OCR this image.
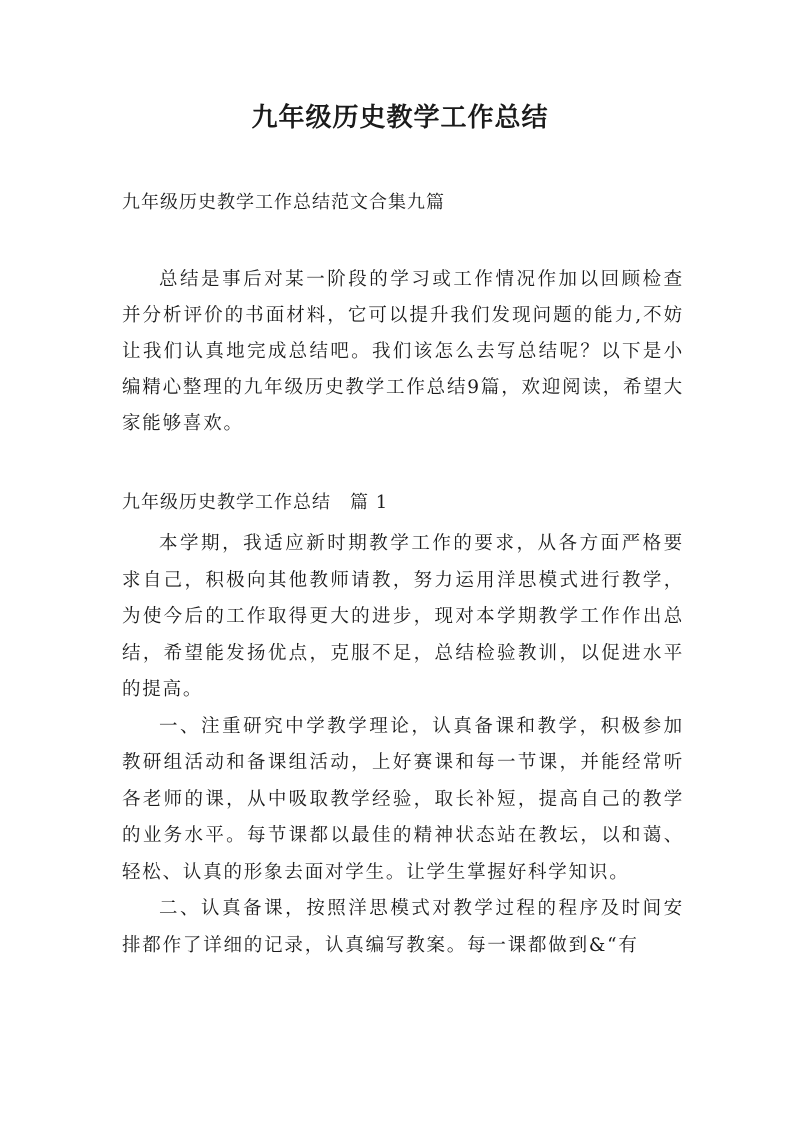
九年级历史教学工作总结
九年级历史教学工作总结范文合集九篇

总结是事后对某一阶段的学习或工作情况作加以回顾检查并分析评价的书面材料，它可以提升我们发现问题的能力,不妨让我们认真地完成总结吧。我们该怎么去写总结呢？以下是小编精心整理的九年级历史教学工作总结9篇，欢迎阅读，希望大家能够喜欢。

九年级历史教学工作总结　篇 1

本学期，我适应新时期教学工作的要求，从各方面严格要求自己，积极向其他教师请教，努力运用洋思模式进行教学，为使今后的工作取得更大的进步，现对本学期教学工作作出总结，希望能发扬优点，克服不足，总结检验教训，以促进水平的提高。

一、注重研究中学教学理论，认真备课和教学，积极参加教研组活动和备课组活动，上好赛课和每一节课，并能经常听各老师的课，从中吸取教学经验，取长补短，提高自己的教学的业务水平。每节课都以最佳的精神状态站在教坛，以和蔼、轻松、认真的形象去面对学生。让学生掌握好科学知识。

二、认真备课，按照洋思模式对教学过程的程序及时间安排都作了详细的记录，认真编写教案。每一课都做到&“有
